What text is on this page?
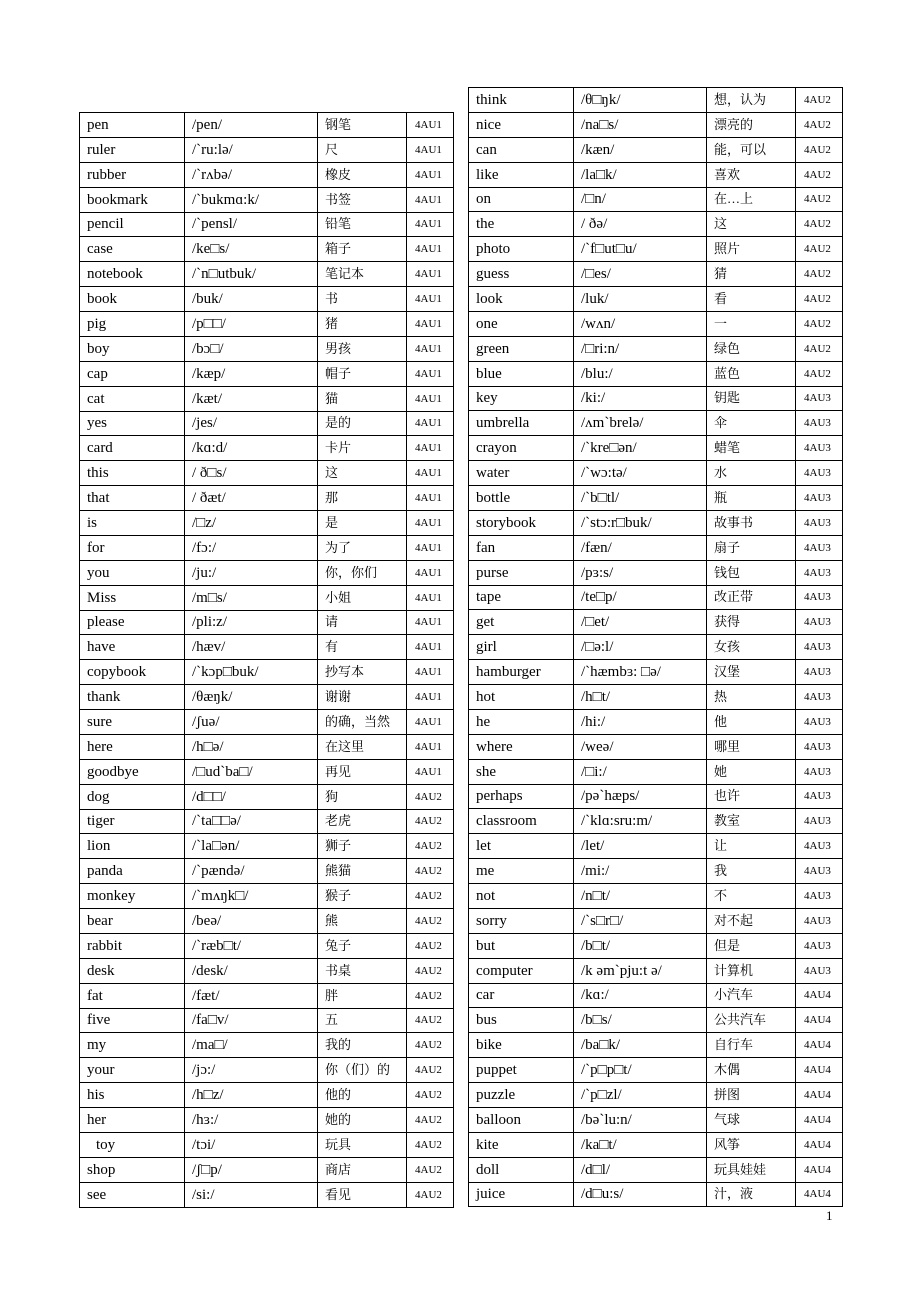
pen	/pen/	钢笔	4AU1
ruler	/ˋru:lə/	尺	4AU1
rubber	/ˋrʌbə/	橡皮	4AU1
bookmark	/ˋbukmɑ:k/	书签	4AU1
pencil	/ˋpensl/	铅笔	4AU1
case	/ke□s/	箱子	4AU1
notebook	/ˋn□utbuk/	笔记本	4AU1
book	/buk/	书	4AU1
pig	/p□□/	猪	4AU1
boy	/bɔ□/	男孩	4AU1
cap	/kæp/	帽子	4AU1
cat	/kæt/	猫	4AU1
yes	/jes/	是的	4AU1
card	/kɑ:d/	卡片	4AU1
this	/ ð□s/	这	4AU1
that	/ ðæt/	那	4AU1
is	/□z/	是	4AU1
for	/fɔ:/	为了	4AU1
you	/ju:/	你，你们	4AU1
Miss	/m□s/	小姐	4AU1
please	/pli:z/	请	4AU1
have	/hæv/	有	4AU1
copybook	/ˋkɔp□buk/	抄写本	4AU1
thank	/θæŋk/	谢谢	4AU1
sure	/ʃuə/	的确，当然	4AU1
here	/h□ə/	在这里	4AU1
goodbye	/□udˋba□/	再见	4AU1
dog	/d□□/	狗	4AU2
tiger	/ˋta□□ə/	老虎	4AU2
lion	/ˋla□ən/	狮子	4AU2
panda	/ˋpændə/	熊猫	4AU2
monkey	/ˋmʌŋk□/	猴子	4AU2
bear	/beə/	熊	4AU2
rabbit	/ˋræb□t/	兔子	4AU2
desk	/desk/	书桌	4AU2
fat	/fæt/	胖	4AU2
five	/fa□v/	五	4AU2
my	/ma□/	我的	4AU2
your	/jɔ:/	你（们）的	4AU2
his	/h□z/	他的	4AU2
her	/hɜ:/	她的	4AU2
toy	/tɔi/	玩具	4AU2
shop	/ʃ□p/	商店	4AU2
see	/si:/	看见	4AU2
think	/θ□ŋk/	想，认为	4AU2
nice	/na□s/	漂亮的	4AU2
can	/kæn/	能，可以	4AU2
like	/la□k/	喜欢	4AU2
on	/□n/	在…上	4AU2
the	/ ðə/	这	4AU2
photo	/ˋf□ut□u/	照片	4AU2
guess	/□es/	猜	4AU2
look	/luk/	看	4AU2
one	/wʌn/	一	4AU2
green	/□ri:n/	绿色	4AU2
blue	/blu:/	蓝色	4AU2
key	/ki:/	钥匙	4AU3
umbrella	/ʌmˋbrelə/	伞	4AU3
crayon	/ˋkre□ən/	蜡笔	4AU3
water	/ˋwɔ:tə/	水	4AU3
bottle	/ˋb□tl/	瓶	4AU3
storybook	/ˋstɔ:r□buk/	故事书	4AU3
fan	/fæn/	扇子	4AU3
purse	/pɜ:s/	钱包	4AU3
tape	/te□p/	改正带	4AU3
get	/□et/	获得	4AU3
girl	/□ə:l/	女孩	4AU3
hamburger	/ˋhæmbɜ: □ə/	汉堡	4AU3
hot	/h□t/	热	4AU3
he	/hi:/	他	4AU3
where	/weə/	哪里	4AU3
she	/□i:/	她	4AU3
perhaps	/pəˋhæps/	也许	4AU3
classroom	/ˋklɑ:sru:m/	教室	4AU3
let	/let/	让	4AU3
me	/mi:/	我	4AU3
not	/n□t/	不	4AU3
sorry	/ˋs□r□/	对不起	4AU3
but	/b□t/	但是	4AU3
computer	/k əmˋpju:t ə/	计算机	4AU3
car	/kɑ:/	小汽车	4AU4
bus	/b□s/	公共汽车	4AU4
bike	/ba□k/	自行车	4AU4
puppet	/ˋp□p□t/	木偶	4AU4
puzzle	/ˋp□zl/	拼图	4AU4
balloon	/bəˋlu:n/	气球	4AU4
kite	/ka□t/	风筝	4AU4
doll	/d□l/	玩具娃娃	4AU4
juice	/d□u:s/	汁，液	4AU4
1
